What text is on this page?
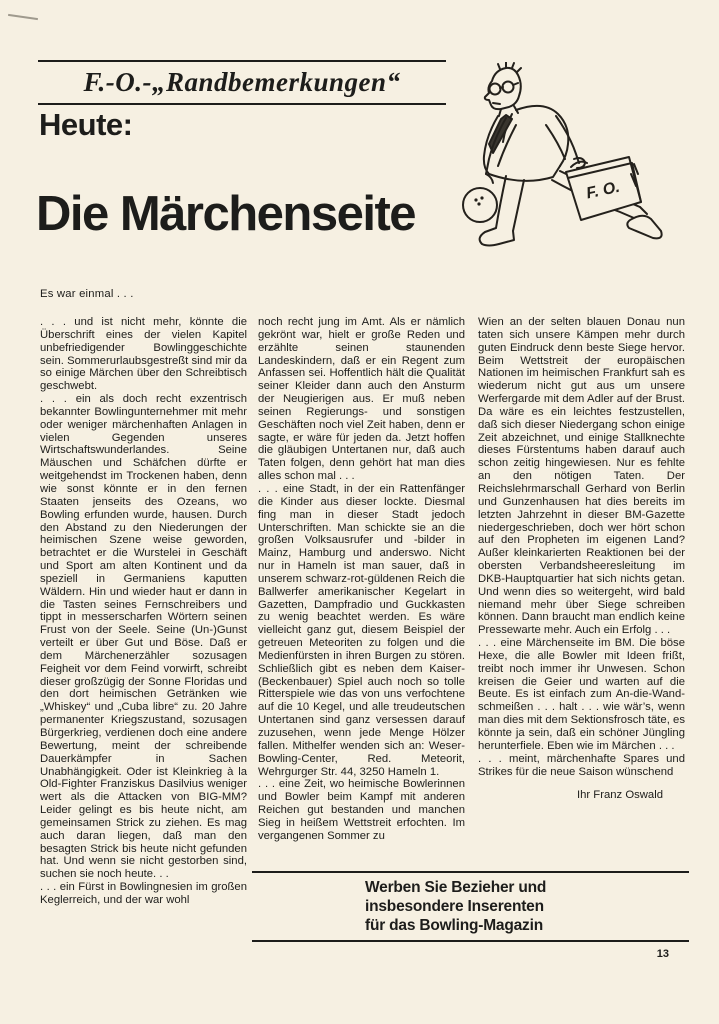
F.-O.-„Randbemerkungen“
Heute:
Die Märchenseite	F. O.
Es war einmal . . .

. . . und ist nicht mehr, könnte die Überschrift eines der vielen Kapitel unbefriedigender Bowlinggeschichte sein. Sommerurlaubsgestreßt sind mir da so einige Märchen über den Schreibtisch geschwebt.

. . . ein als doch recht exzentrisch bekannter Bowlingunternehmer mit mehr oder weniger märchenhaften Anlagen in vielen Gegenden unseres Wirtschaftswunderlandes. Seine Mäuschen und Schäfchen dürfte er weitgehendst im Trockenen haben, denn wie sonst könnte er in den fernen Staaten jenseits des Ozeans, wo Bowling erfunden wurde, hausen. Durch den Abstand zu den Niederungen der heimischen Szene weise geworden, betrachtet er die Wurstelei in Geschäft und Sport am alten Kontinent und da speziell in Germaniens kaputten Wäldern. Hin und wieder haut er dann in die Tasten seines Fernschreibers und tippt in messerscharfen Wörtern seinen Frust von der Seele. Seine (Un-)Gunst verteilt er über Gut und Böse. Daß er dem Märchenerzähler sozusagen Feigheit vor dem Feind vorwirft, schreibt dieser großzügig der Sonne Floridas und den dort heimischen Getränken wie „Whiskey“ und „Cuba libre“ zu. 20 Jahre permanenter Kriegszustand, sozusagen Bürgerkrieg, verdienen doch eine andere Bewertung, meint der schreibende Dauerkämpfer in Sachen Unabhängigkeit. Oder ist Kleinkrieg à la Old-Fighter Franziskus Dasilvius weniger wert als die Attacken von BIG-MM? Leider gelingt es bis heute nicht, am gemeinsamen Strick zu ziehen. Es mag auch daran liegen, daß man den besagten Strick bis heute nicht gefunden hat. Und wenn sie nicht gestorben sind, suchen sie noch heute. . .

. . . ein Fürst in Bowlingnesien im großen Keglerreich, und der war wohl

noch recht jung im Amt. Als er nämlich gekrönt war, hielt er große Reden und erzählte seinen staunenden Landeskindern, daß er ein Regent zum Anfassen sei. Hoffentlich hält die Qualität seiner Kleider dann auch den Ansturm der Neugierigen aus. Er muß neben seinen Regierungs- und sonstigen Geschäften noch viel Zeit haben, denn er sagte, er wäre für jeden da. Jetzt hoffen die gläubigen Untertanen nur, daß auch Taten folgen, denn gehört hat man dies alles schon mal . . .

. . . eine Stadt, in der ein Rattenfänger die Kinder aus dieser lockte. Diesmal fing man in dieser Stadt jedoch Unterschriften. Man schickte sie an die großen Volksausrufer und -bilder in Mainz, Hamburg und anderswo. Nicht nur in Hameln ist man sauer, daß in unserem schwarz-rot-güldenen Reich die Ballwerfer amerikanischer Kegelart in Gazetten, Dampfradio und Guckkasten zu wenig beachtet werden. Es wäre vielleicht ganz gut, diesem Beispiel der getreuen Meteoriten zu folgen und die Medienfürsten in ihren Burgen zu stören. Schließlich gibt es neben dem Kaiser-(Beckenbauer) Spiel auch noch so tolle Ritterspiele wie das von uns verfochtene auf die 10 Kegel, und alle treudeutschen Untertanen sind ganz versessen darauf zuzusehen, wenn jede Menge Hölzer fallen. Mithelfer wenden sich an: Weser-Bowling-Center, Red. Meteorit, Wehrgurger Str. 44, 3250 Hameln 1.

. . . eine Zeit, wo heimische Bowlerinnen und Bowler beim Kampf mit anderen Reichen gut bestanden und manchen Sieg in heißem Wettstreit erfochten. Im vergangenen Sommer zu

Wien an der selten blauen Donau nun taten sich unsere Kämpen mehr durch guten Eindruck denn beste Siege hervor. Beim Wettstreit der europäischen Nationen im heimischen Frankfurt sah es wiederum nicht gut aus um unsere Werfergarde mit dem Adler auf der Brust. Da wäre es ein leichtes festzustellen, daß sich dieser Niedergang schon einige Zeit abzeichnet, und einige Stallknechte dieses Fürstentums haben darauf auch schon zeitig hingewiesen. Nur es fehlte an den nötigen Taten. Der Reichslehrmarschall Gerhard von Berlin und Gunzenhausen hat dies bereits im letzten Jahrzehnt in dieser BM-Gazette niedergeschrieben, doch wer hört schon auf den Propheten im eigenen Land? Außer kleinkarierten Reaktionen bei der obersten Verbandsheeresleitung im DKB-Hauptquartier hat sich nichts getan. Und wenn dies so weitergeht, wird bald niemand mehr über Siege schreiben können. Dann braucht man endlich keine Pressewarte mehr. Auch ein Erfolg . . .

. . . eine Märchenseite im BM. Die böse Hexe, die alle Bowler mit Ideen frißt, treibt noch immer ihr Unwesen. Schon kreisen die Geier und warten auf die Beute. Es ist einfach zum An-die-Wand-schmeißen . . . halt . . . wie wär’s, wenn man dies mit dem Sektionsfrosch täte, es könnte ja sein, daß ein schöner Jüngling herunterfiele. Eben wie im Märchen . . .

. . . meint, märchenhafte Spares und Strikes für die neue Saison wünschend

Ihr Franz Oswald
Werben Sie Bezieher und
insbesondere Inserenten
für das Bowling-Magazin
13
